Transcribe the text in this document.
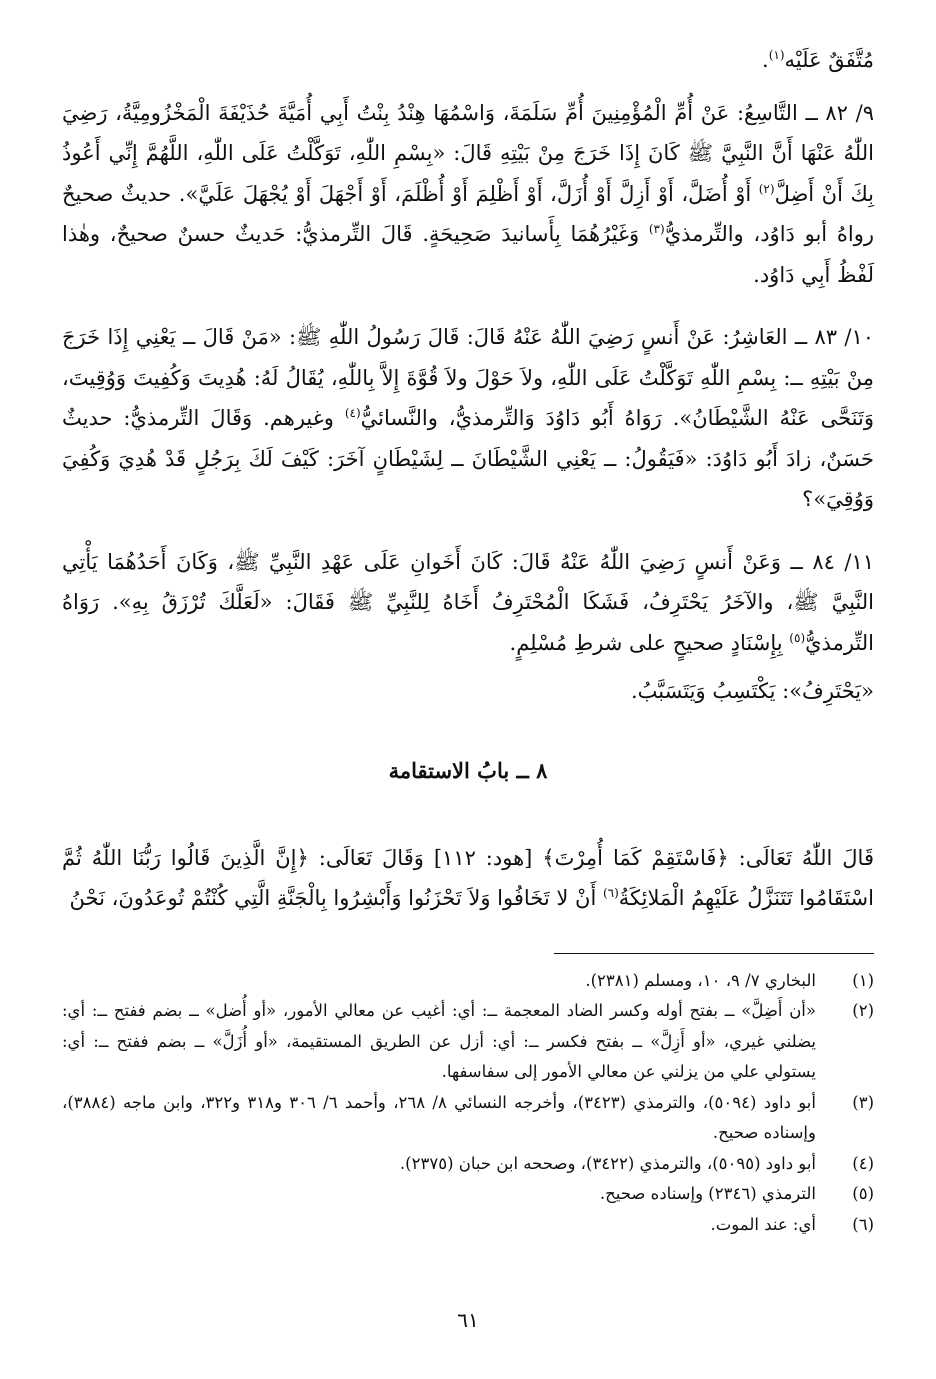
مُتَّفَقٌ عَلَيْه$^{(١)}$.

٩/ ٨٢ ــ التَّاسِعُ: عَنْ أُمِّ الْمُؤْمِنِينَ أُمِّ سَلَمَةَ، وَاسْمُهَا هِنْدُ بِنْتُ أَبِي أُمَيَّةَ حُذَيْفَةَ الْمَخْزُومِيَّةُ، رَضِيَ اللّٰهُ عَنْهَا أَنَّ النَّبِيَّ ﷺ كَانَ إِذَا خَرَجَ مِنْ بَيْتِهِ قَالَ: «بِسْمِ اللّٰهِ، تَوَكَّلْتُ عَلَى اللّٰهِ، اللَّهُمَّ إِنِّي أَعُوذُ بِكَ أَنْ أَضِلَّ$^{(٢)}$ أَوْ أُضَلَّ، أَوْ أَزِلَّ أَوْ أُزَلَّ، أَوْ أَظْلِمَ أَوْ أُظْلَمَ، أَوْ أَجْهَلَ أَوْ يُجْهَلَ عَلَيَّ». حديثٌ صحيحٌ رواهُ أبو دَاوُد، والتِّرمذيُّ$^{(٣)}$ وَغَيْرُهُمَا بِأَسانيدَ صَحِيحَةٍ. قَالَ التِّرمذيُّ: حَديثٌ حسنٌ صحيحٌ، وهٰذا لَفْظُ أَبِي دَاوُد.

١٠/ ٨٣ ــ العَاشِرُ: عَنْ أَنسٍ رَضِيَ اللّٰهُ عَنْهُ قَالَ: قَالَ رَسُولُ اللّٰهِ ﷺ: «مَنْ قَالَ ــ يَعْنِي إِذَا خَرَجَ مِنْ بَيْتِهِ ــ: بِسْمِ اللّٰهِ تَوَكَّلْتُ عَلَى اللّٰهِ، ولاَ حَوْلَ ولاَ قُوَّةَ إِلاَّ بِاللّٰهِ، يُقَالُ لَهُ: هُدِيتَ وَكُفِيتَ وَوُقِيتَ، وَتَنَحَّى عَنْهُ الشَّيْطَانُ». رَوَاهُ أَبُو دَاوُدَ وَالتِّرمذيُّ، والنَّسائيُّ$^{(٤)}$ وغيرهم. وَقَالَ التِّرمذيُّ: حديثٌ حَسَنٌ، زادَ أَبُو دَاوُدَ: «فَيَقُولُ: ــ يَعْنِي الشَّيْطَانَ ــ لِشَيْطَانٍ آخَرَ: كَيْفَ لَكَ بِرَجُلٍ قَدْ هُدِيَ وَكُفِيَ وَوُقِيَ»؟

١١/ ٨٤ ــ وَعَنْ أَنسٍ رَضِيَ اللّٰهُ عَنْهُ قَالَ: كَانَ أَخَوانِ عَلَى عَهْدِ النَّبِيِّ ﷺ، وَكَانَ أَحَدُهُمَا يَأْتِي النَّبِيَّ ﷺ، والآخَرُ يَحْتَرِفُ، فَشَكَا الْمُحْتَرِفُ أَخَاهُ لِلنَّبِيِّ ﷺ فَقَالَ: «لَعَلَّكَ تُرْزَقُ بِهِ». رَوَاهُ التِّرمذيُّ$^{(٥)}$ بِإِسْنَادٍ صحيحٍ على شرطِ مُسْلِمٍ.

«يَحْتَرِفُ»: يَكْتَسِبُ وَيَتَسَبَّبُ.

٨ ــ بابُ الاستقامة

قَالَ اللّٰهُ تَعَالَى: ﴿فَاسْتَقِمْ كَمَا أُمِرْتَ﴾ [هود: ١١٢] وَقَالَ تَعَالَى: ﴿إِنَّ الَّذِينَ قَالُوا رَبُّنَا اللّٰهُ ثُمَّ اسْتَقَامُوا تَتَنَزَّلُ عَلَيْهِمُ الْمَلائِكَةُ$^{(٦)}$ أَنْ لا تَخَافُوا وَلاَ تَحْزَنُوا وَأَبْشِرُوا بِالْجَنَّةِ الَّتِي كُنْتُمْ تُوعَدُونَ، نَحْنُ

(١)
البخاري ٧/ ٩، ١٠، ومسلم (٢٣٨١).
(٢)
«أن أَضِلَّ» ــ بفتح أوله وكسر الضاد المعجمة ــ: أي: أغيب عن معالي الأمور، «أو أُضل» ــ بضم ففتح ــ: أي: يضلني غيري، «أو أَزِلَّ» ــ بفتح فكسر ــ: أي: أزل عن الطريق المستقيمة، «أو أُزَلَّ» ــ بضم ففتح ــ: أي: يستولي علي من يزلني عن معالي الأمور إلى سفاسفها.
(٣)
أبو داود (٥٠٩٤)، والترمذي (٣٤٢٣)، وأخرجه النسائي ٨/ ٢٦٨، وأحمد ٦/ ٣٠٦ و٣١٨ و٣٢٢، وابن ماجه (٣٨٨٤)، وإسناده صحيح.
(٤)
أبو داود (٥٠٩٥)، والترمذي (٣٤٢٢)، وصححه ابن حبان (٢٣٧٥).
(٥)
الترمذي (٢٣٤٦) وإسناده صحيح.
(٦)
أي: عند الموت.
٦١
